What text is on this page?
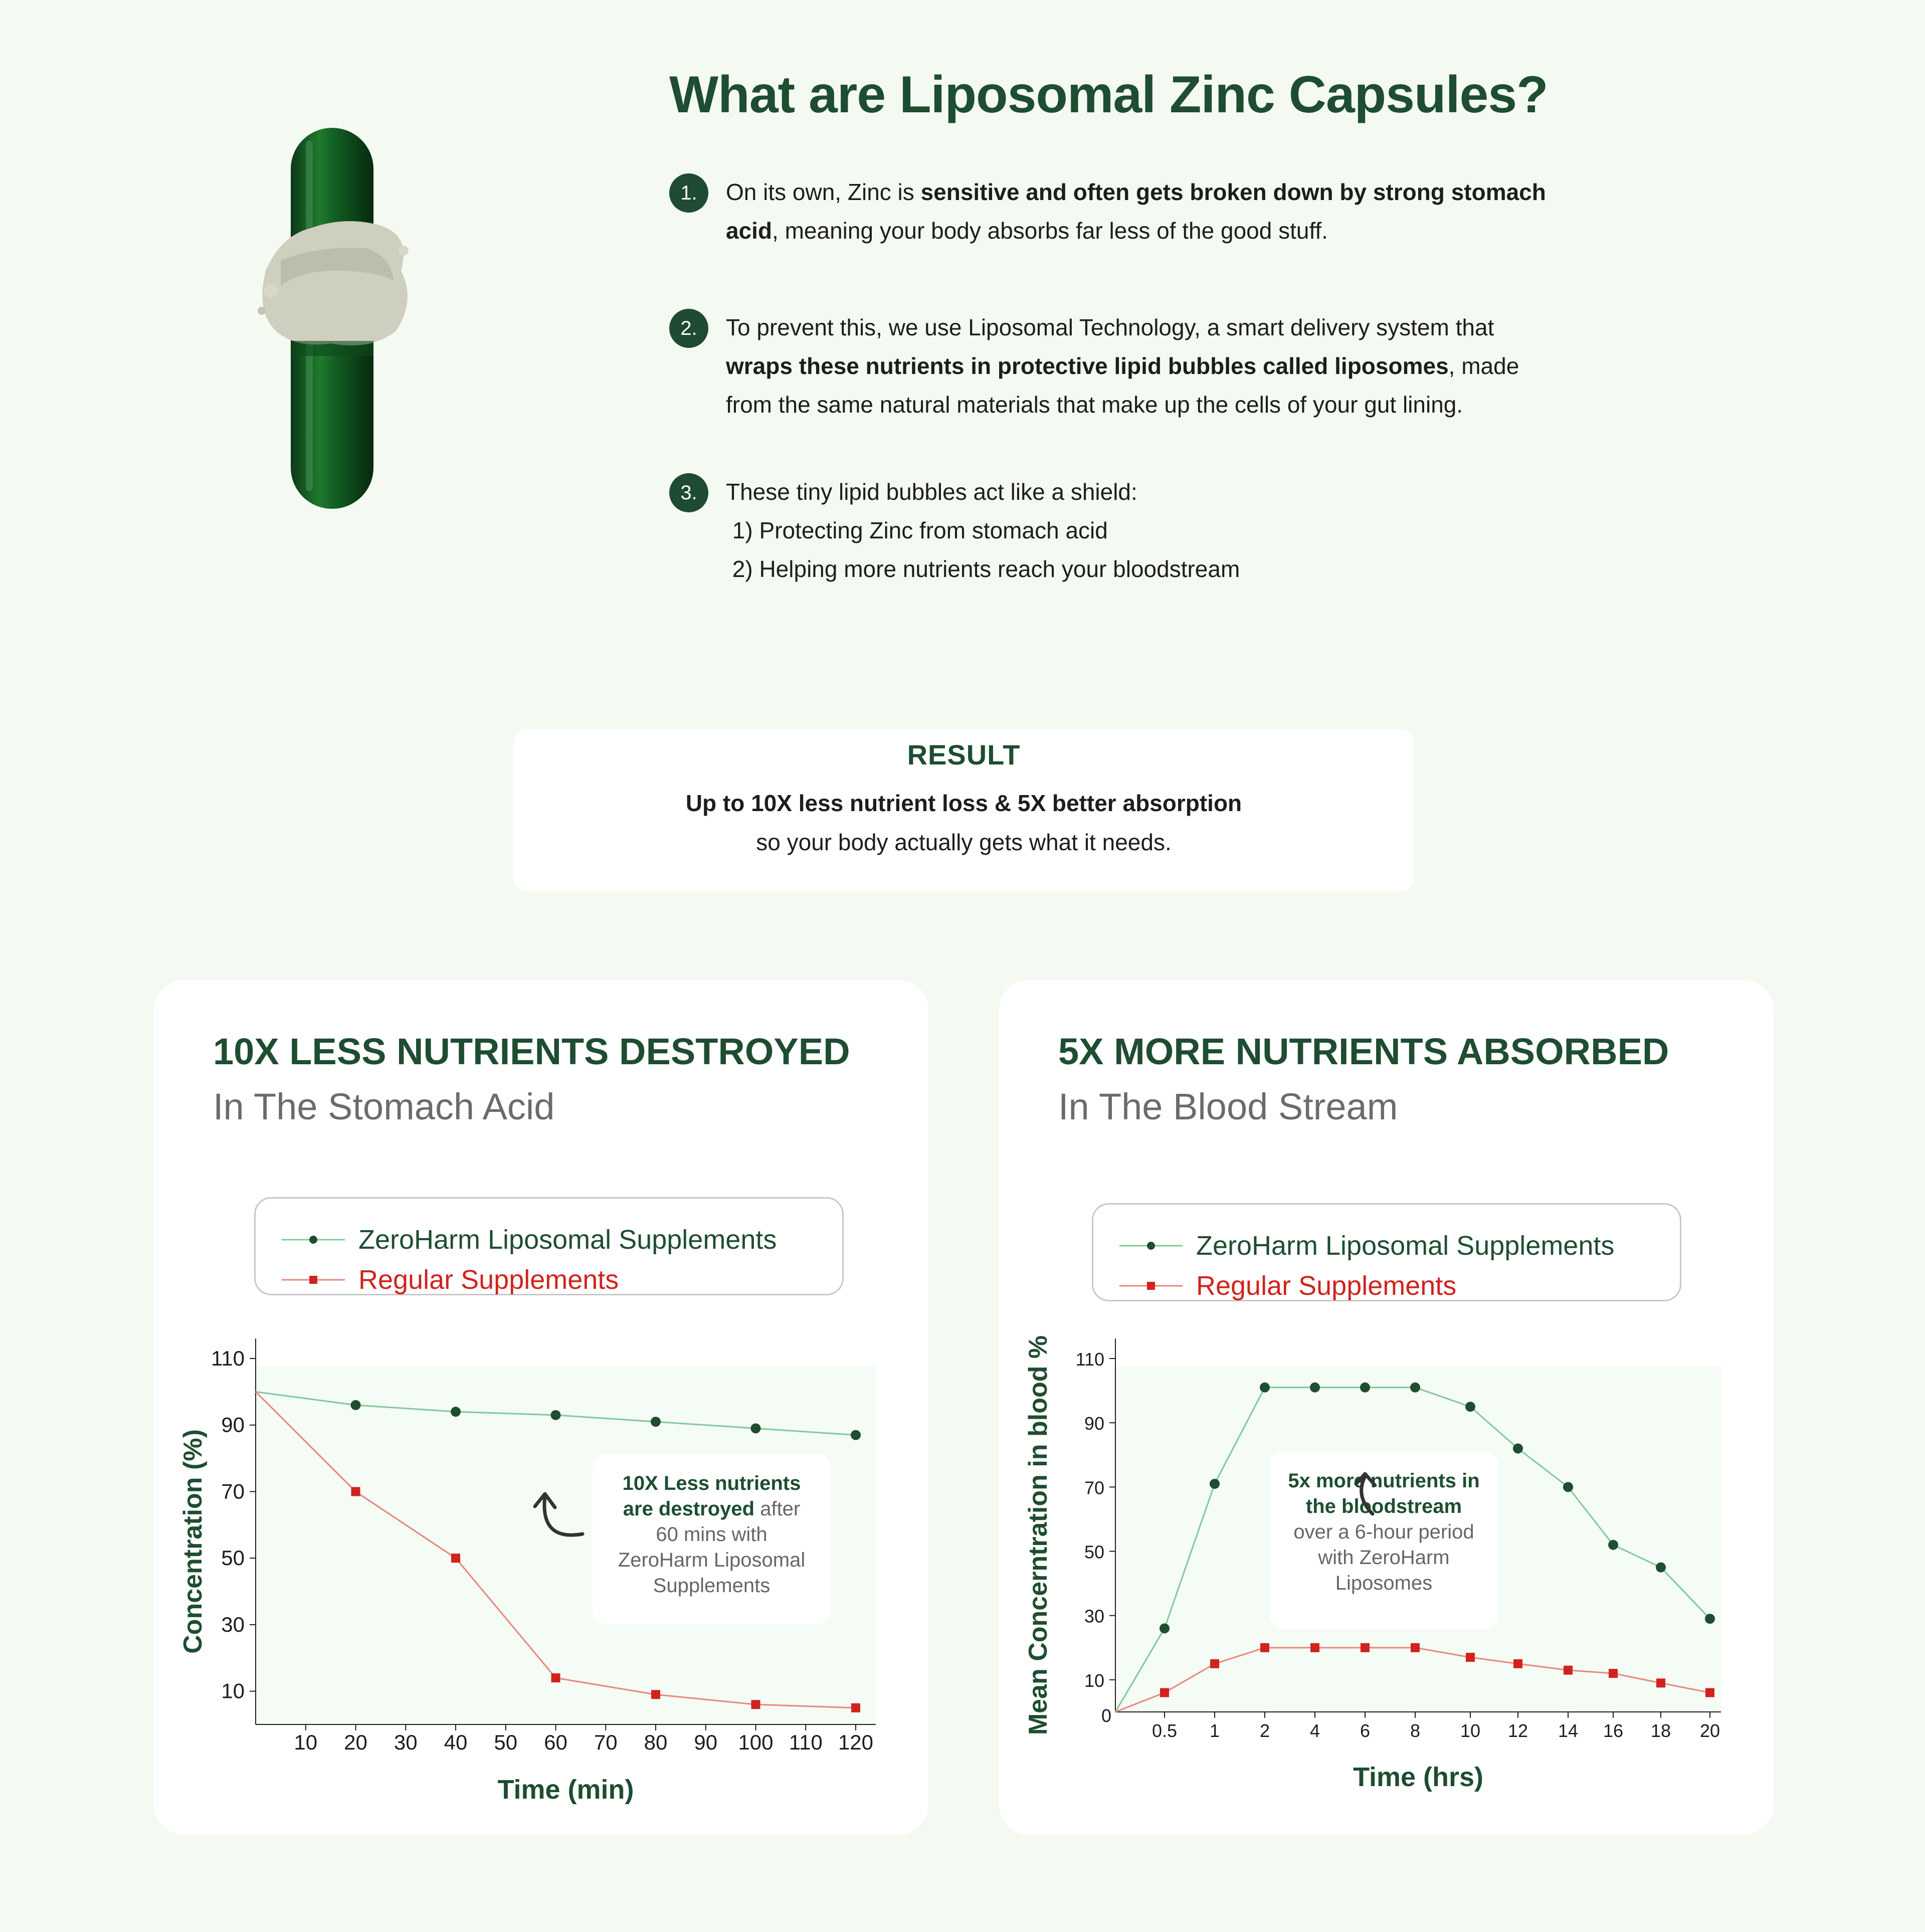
What are Liposomal Zinc Capsules?
1.	On its own, Zinc is sensitive and often gets broken down by strong stomach
acid, meaning your body absorbs far less of the good stuff.
2.	To prevent this, we use Liposomal Technology, a smart delivery system that
wraps these nutrients in protective lipid bubbles called liposomes, made
from the same natural materials that make up the cells of your gut lining.
3.	These tiny lipid bubbles act like a shield:
1) Protecting Zinc from stomach acid
2) Helping more nutrients reach your bloodstream
RESULT
Up to 10X less nutrient loss & 5X better absorption
so your body actually gets what it needs.
10X LESS NUTRIENTS DESTROYED
In The Stomach Acid
ZeroHarm Liposomal Supplements
Regular Supplements
110
90
70
50
30
10
10 20 30 40 50 60 70 80 90 100 110 120
Time (min)
Concentration (%)	10X Less nutrients
are destroyed after
60 mins with
ZeroHarm Liposomal
Supplements
5X MORE NUTRIENTS ABSORBED
In The Blood Stream
ZeroHarm Liposomal Supplements
Regular Supplements
110
90
70
50
30
10
0.5 1 2 4 6 8 10 12 14 16 18 20
0
Time (hrs)
Mean Concerntration in blood %	5x more nutrients in
the bloodstream
over a 6-hour period
with ZeroHarm
Liposomes
